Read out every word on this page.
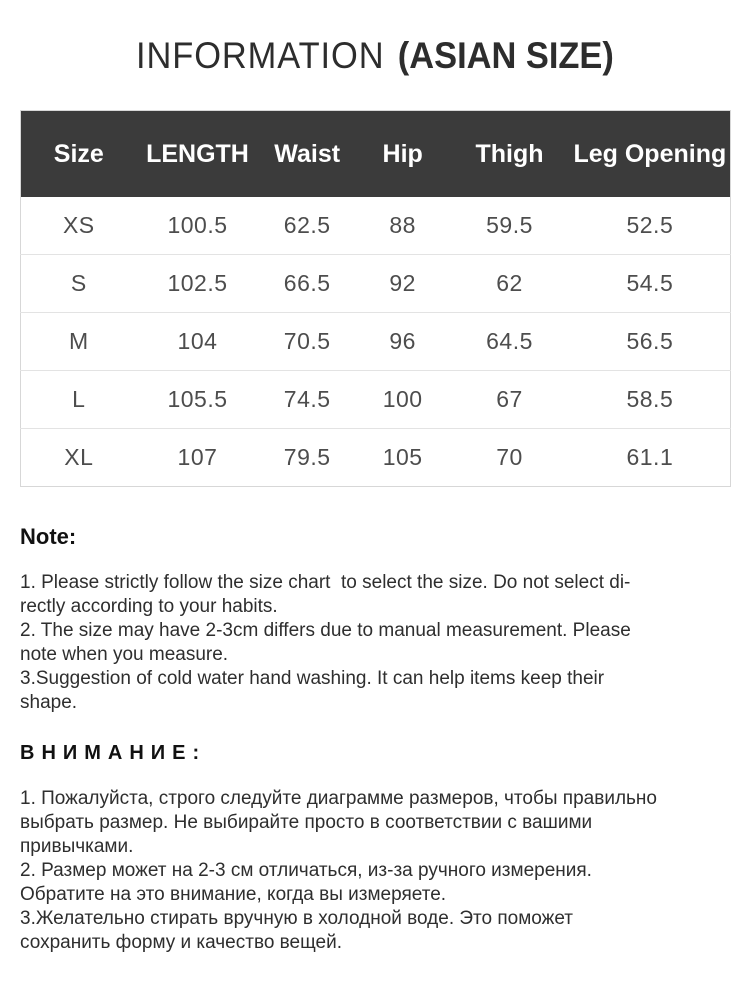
INFORMATION (ASIAN SIZE)
Size	LENGTH	Waist	Hip	Thigh	Leg Opening
XS	100.5	62.5	88	59.5	52.5
S	102.5	66.5	92	62	54.5
M	104	70.5	96	64.5	56.5
L	105.5	74.5	100	67	58.5
XL	107	79.5	105	70	61.1
Note:
1. Please strictly follow the size chart  to select the size. Do not select di-
rectly according to your habits.
2. The size may have 2-3cm differs due to manual measurement. Please
note when you measure.
3.Suggestion of cold water hand washing. It can help items keep their
shape.
ВНИМАНИЕ:
1. Пожалуйста, строго следуйте диаграмме размеров, чтобы правильно
выбрать размер. Не выбирайте просто в соответствии с вашими
привычками.
2. Размер может на 2-3 см отличаться, из-за ручного измерения.
Обратите на это внимание, когда вы измеряете.
3.Желательно стирать вручную в холодной воде. Это поможет
сохранить форму и качество вещей.
